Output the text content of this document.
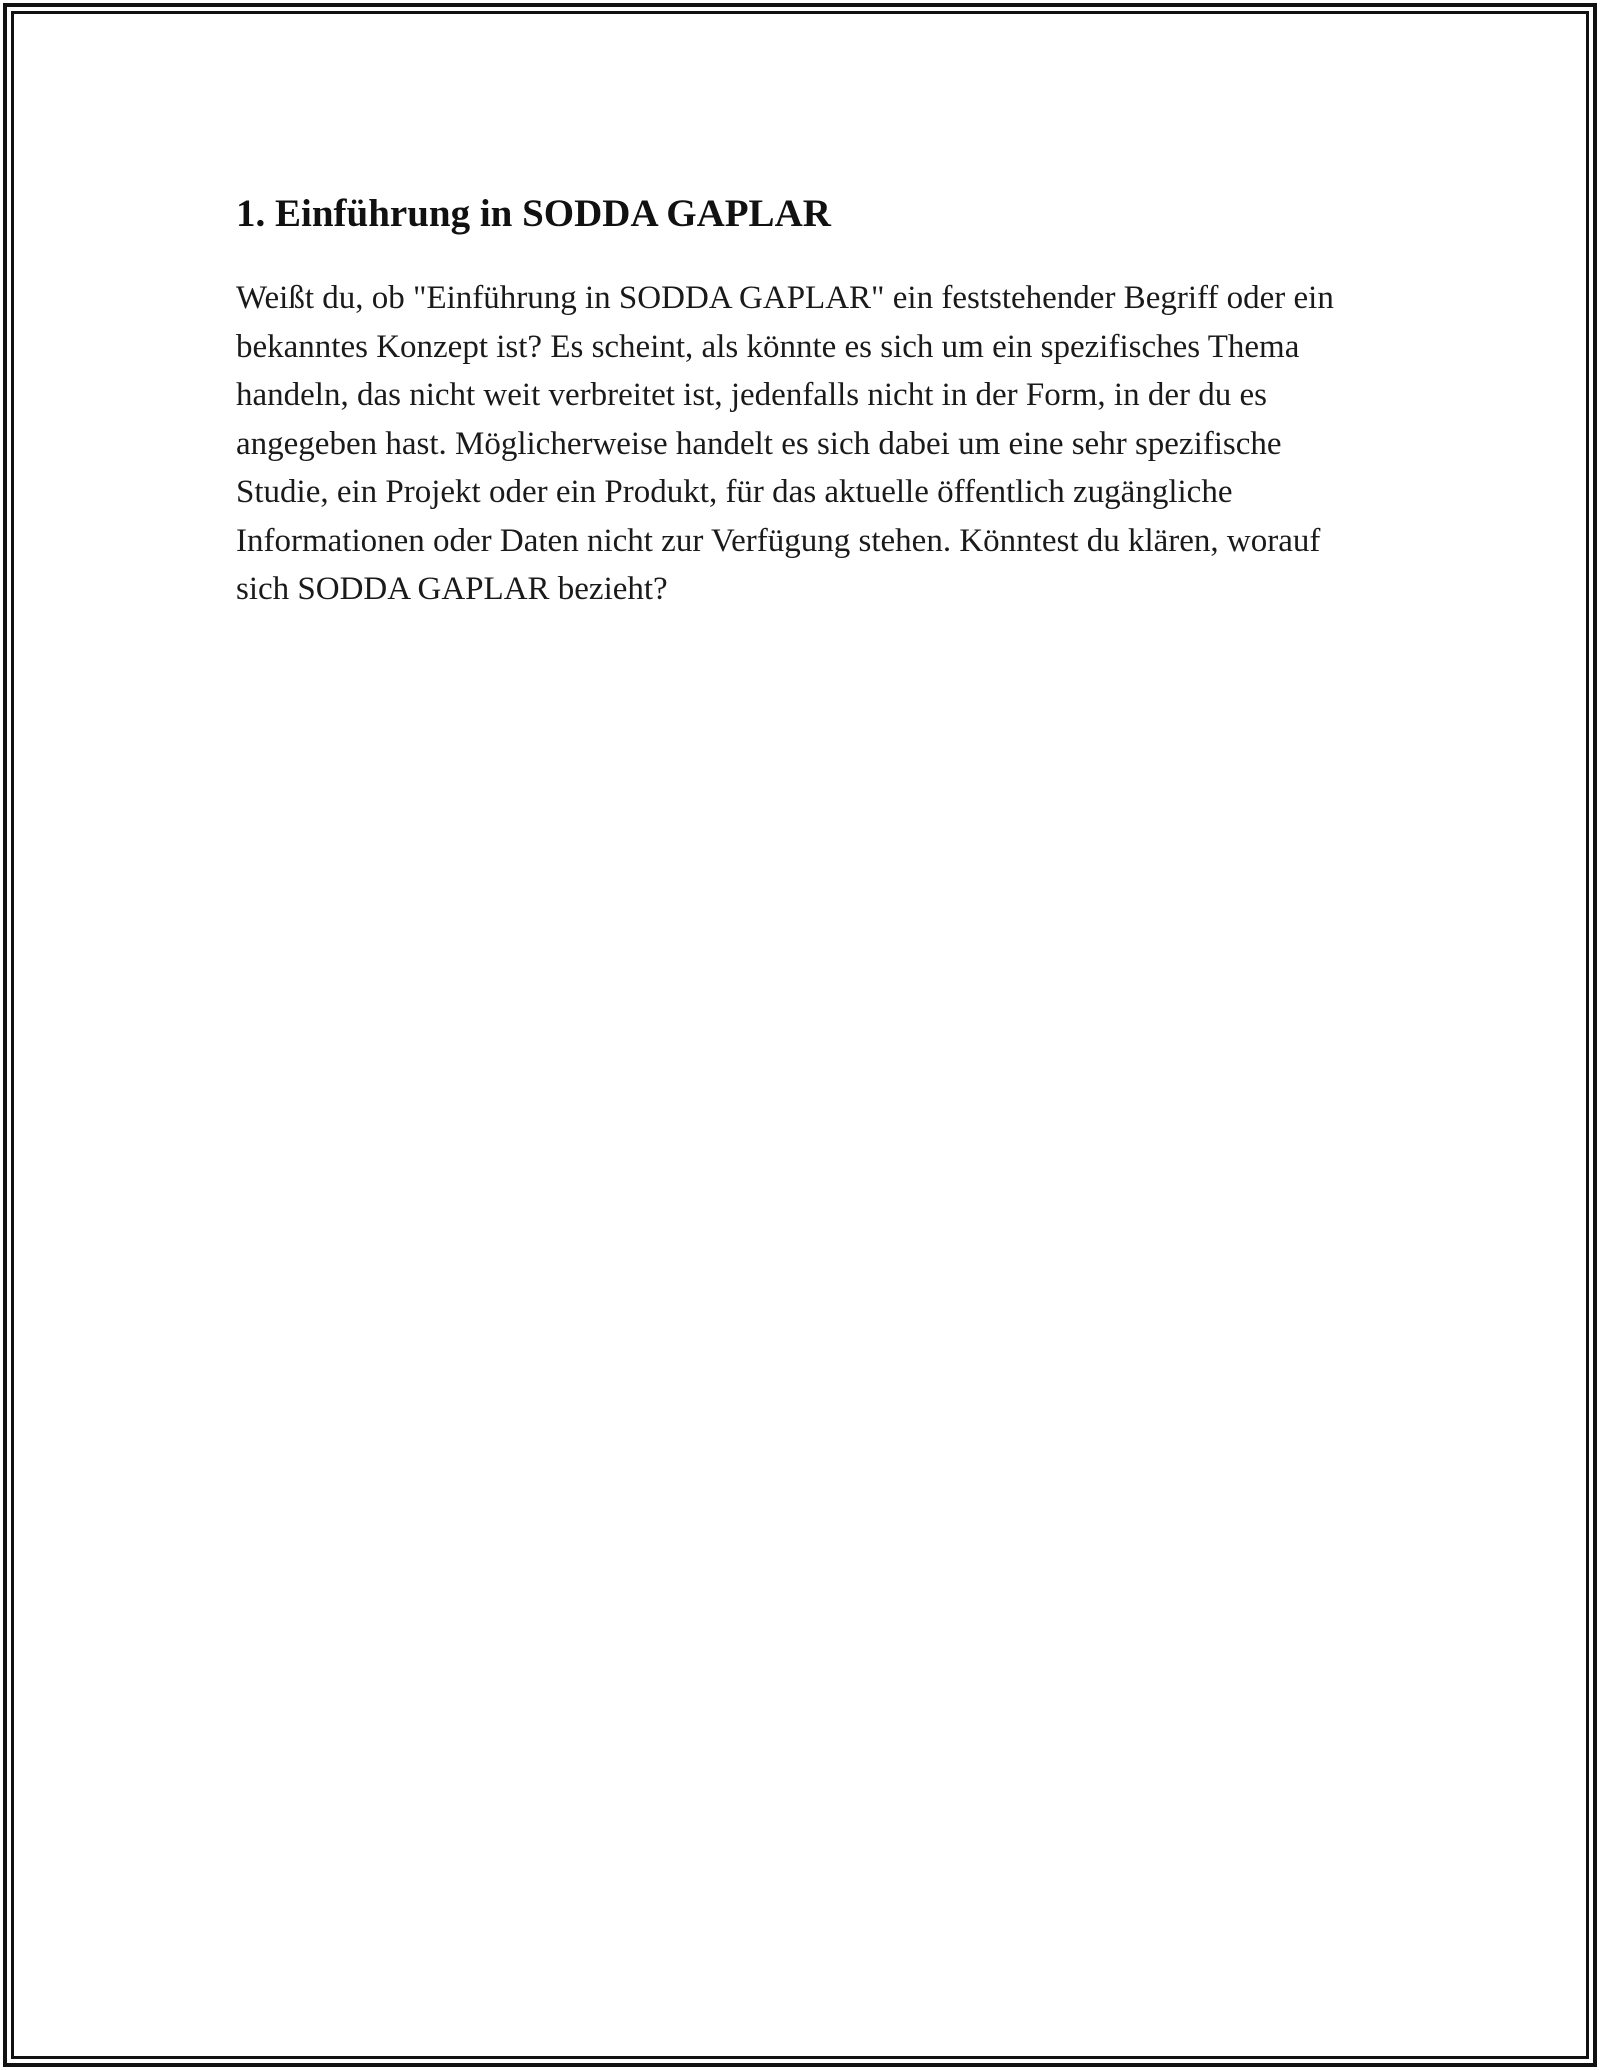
1. Einführung in SODDA GAPLAR

Weißt du, ob "Einführung in SODDA GAPLAR" ein feststehender Begriff oder ein bekanntes Konzept ist? Es scheint, als könnte es sich um ein spezifisches Thema handeln, das nicht weit verbreitet ist, jedenfalls nicht in der Form, in der du es angegeben hast. Möglicherweise handelt es sich dabei um eine sehr spezifische Studie, ein Projekt oder ein Produkt, für das aktuelle öffentlich zugängliche Informationen oder Daten nicht zur Verfügung stehen. Könntest du klären, worauf sich SODDA GAPLAR bezieht?
